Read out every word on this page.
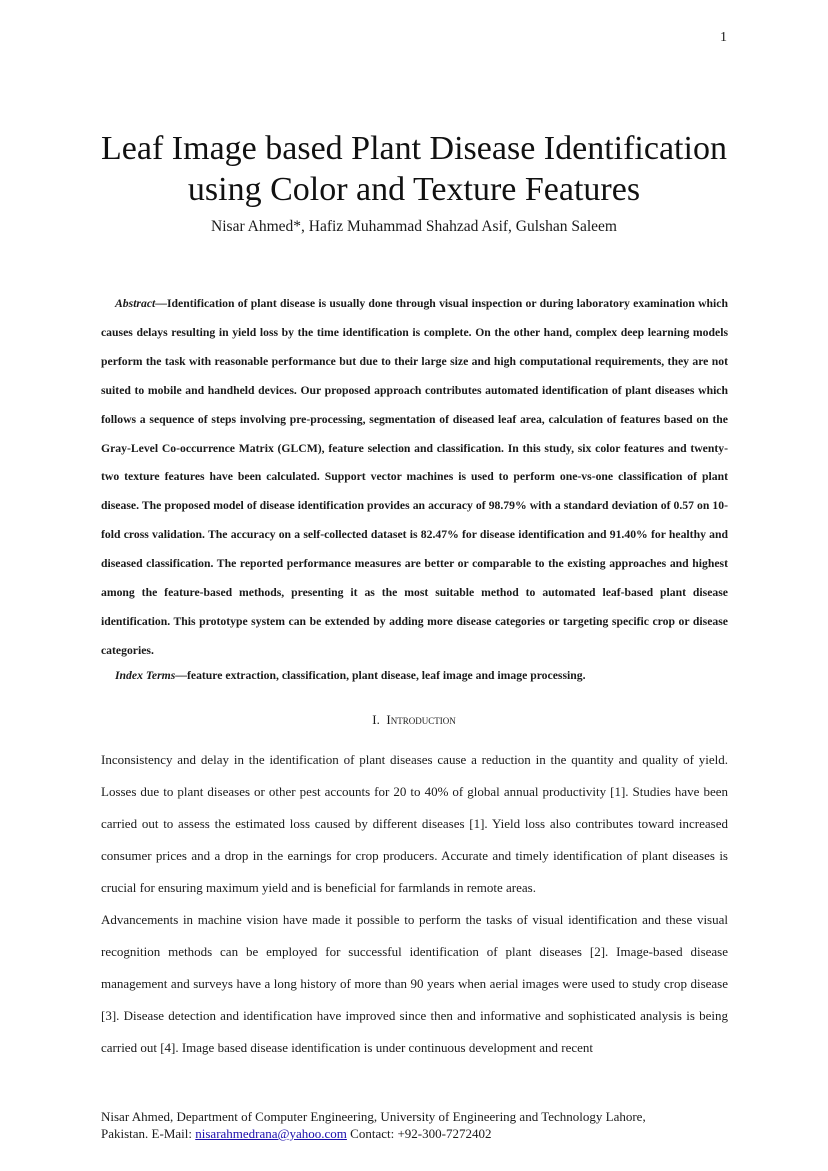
1
Leaf Image based Plant Disease Identification using Color and Texture Features
Nisar Ahmed*, Hafiz Muhammad Shahzad Asif, Gulshan Saleem

Abstract—Identification of plant disease is usually done through visual inspection or during laboratory examination which causes delays resulting in yield loss by the time identification is complete. On the other hand, complex deep learning models perform the task with reasonable performance but due to their large size and high computational requirements, they are not suited to mobile and handheld devices. Our proposed approach contributes automated identification of plant diseases which follows a sequence of steps involving pre-processing, segmentation of diseased leaf area, calculation of features based on the Gray-Level Co-occurrence Matrix (GLCM), feature selection and classification. In this study, six color features and twenty-two texture features have been calculated. Support vector machines is used to perform one-vs-one classification of plant disease. The proposed model of disease identification provides an accuracy of 98.79% with a standard deviation of 0.57 on 10-fold cross validation. The accuracy on a self-collected dataset is 82.47% for disease identification and 91.40% for healthy and diseased classification. The reported performance measures are better or comparable to the existing approaches and highest among the feature-based methods, presenting it as the most suitable method to automated leaf-based plant disease identification. This prototype system can be extended by adding more disease categories or targeting specific crop or disease categories.

Index Terms—feature extraction, classification, plant disease, leaf image and image processing.

I. Introduction

Inconsistency and delay in the identification of plant diseases cause a reduction in the quantity and quality of yield. Losses due to plant diseases or other pest accounts for 20 to 40% of global annual productivity [1]. Studies have been carried out to assess the estimated loss caused by different diseases [1]. Yield loss also contributes toward increased consumer prices and a drop in the earnings for crop producers. Accurate and timely identification of plant diseases is crucial for ensuring maximum yield and is beneficial for farmlands in remote areas.

Advancements in machine vision have made it possible to perform the tasks of visual identification and these visual recognition methods can be employed for successful identification of plant diseases [2]. Image-based disease management and surveys have a long history of more than 90 years when aerial images were used to study crop disease [3]. Disease detection and identification have improved since then and informative and sophisticated analysis is being carried out [4]. Image based disease identification is under continuous development and recent

Nisar Ahmed, Department of Computer Engineering, University of Engineering and Technology Lahore,
Pakistan. E-Mail: nisarahmedrana@yahoo.com Contact: +92-300-7272402
